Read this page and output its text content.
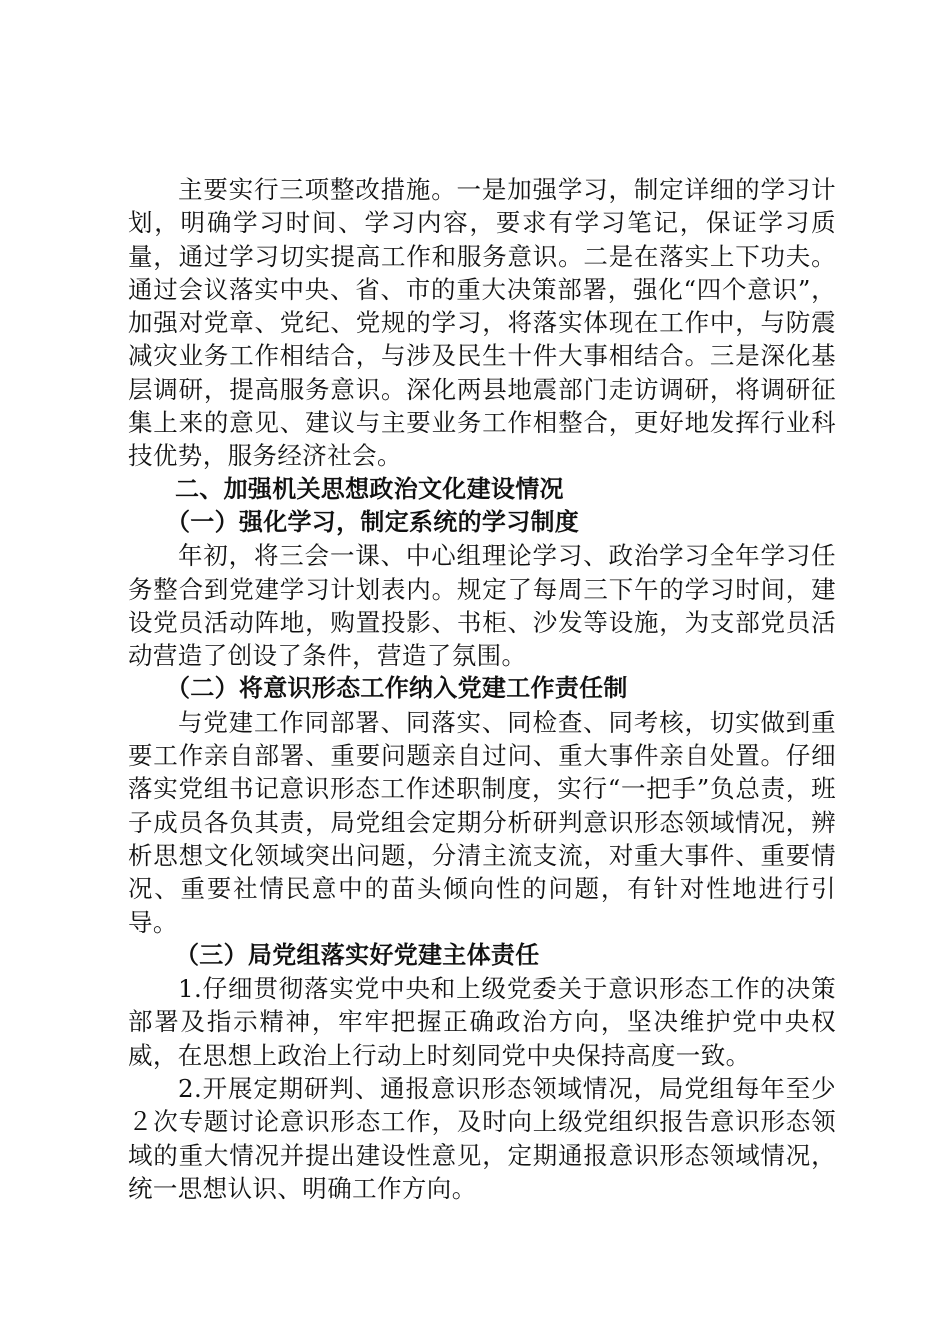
主要实行三项整改措施。一是加强学习，制定详细的学习计划，明确学习时间、学习内容，要求有学习笔记，保证学习质量，通过学习切实提高工作和服务意识。二是在落实上下功夫。通过会议落实中央、省、市的重大决策部署，强化“四个意识”，加强对党章、党纪、党规的学习，将落实体现在工作中，与防震减灾业务工作相结合，与涉及民生十件大事相结合。三是深化基层调研，提高服务意识。深化两县地震部门走访调研，将调研征集上来的意见、建议与主要业务工作相整合，更好地发挥行业科技优势，服务经济社会。

二、加强机关思想政治文化建设情况

（一）强化学习，制定系统的学习制度

年初，将三会一课、中心组理论学习、政治学习全年学习任务整合到党建学习计划表内。规定了每周三下午的学习时间，建设党员活动阵地，购置投影、书柜、沙发等设施，为支部党员活动营造了创设了条件，营造了氛围。

（二）将意识形态工作纳入党建工作责任制

与党建工作同部署、同落实、同检查、同考核，切实做到重要工作亲自部署、重要问题亲自过问、重大事件亲自处置。仔细落实党组书记意识形态工作述职制度，实行“一把手”负总责，班子成员各负其责，局党组会定期分析研判意识形态领域情况，辨析思想文化领域突出问题，分清主流支流，对重大事件、重要情况、重要社情民意中的苗头倾向性的问题，有针对性地进行引导。

（三）局党组落实好党建主体责任

1.仔细贯彻落实党中央和上级党委关于意识形态工作的决策部署及指示精神，牢牢把握正确政治方向，坚决维护党中央权威，在思想上政治上行动上时刻同党中央保持高度一致。

2.开展定期研判、通报意识形态领域情况，局党组每年至少２次专题讨论意识形态工作，及时向上级党组织报告意识形态领域的重大情况并提出建设性意见，定期通报意识形态领域情况，统一思想认识、明确工作方向。
